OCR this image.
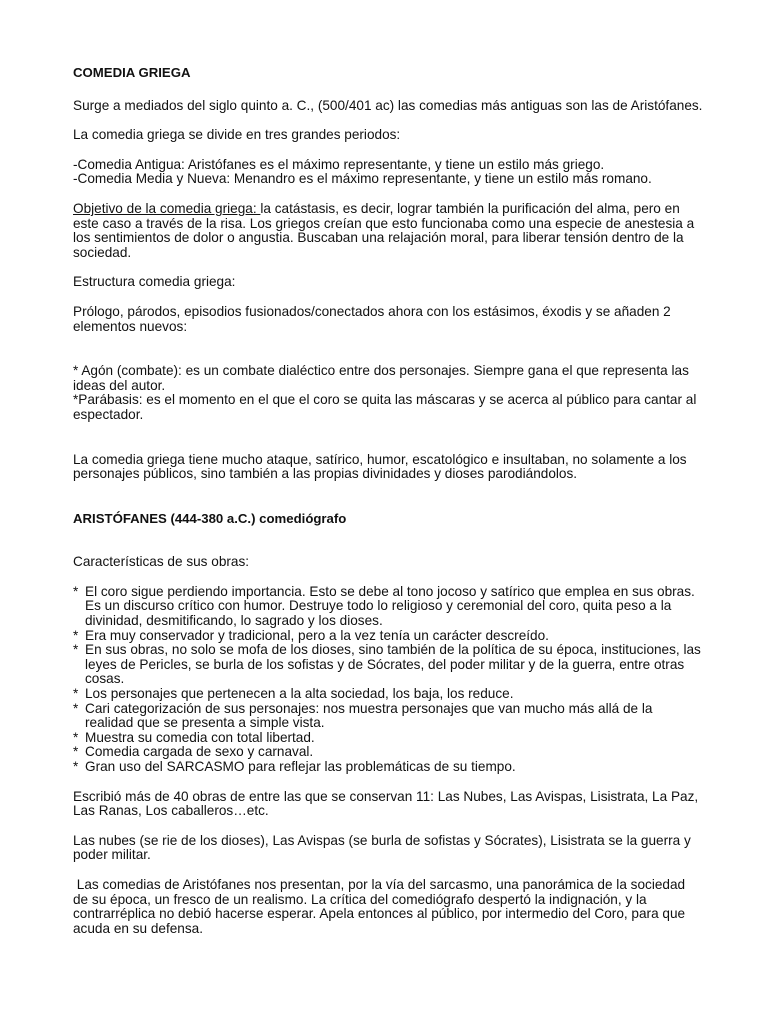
COMEDIA GRIEGA

Surge a mediados del siglo quinto a. C., (500/401 ac) las comedias más antiguas son las de Aristófanes.

La comedia griega se divide en tres grandes periodos:

-Comedia Antigua: Aristófanes es el máximo representante, y tiene un estilo más griego.

-Comedia Media y Nueva: Menandro es el máximo representante, y tiene un estilo más romano.

Objetivo de la comedia griega: la catástasis, es decir, lograr también la purificación del alma, pero en este caso a través de la risa. Los griegos creían que esto funcionaba como una especie de anestesia a los sentimientos de dolor o angustia. Buscaban una relajación moral, para liberar tensión dentro de la sociedad.

Estructura comedia griega:

Prólogo, párodos, episodios fusionados/conectados ahora con los estásimos, éxodis y se añaden 2 elementos nuevos:

* Agón (combate): es un combate dialéctico entre dos personajes. Siempre gana el que representa las ideas del autor.

*Parábasis: es el momento en el que el coro se quita las máscaras y se acerca al público para cantar al espectador.

La comedia griega tiene mucho ataque, satírico, humor, escatológico e insultaban, no solamente a los personajes públicos, sino también a las propias divinidades y dioses parodiándolos.

ARISTÓFANES (444-380 a.C.) comediógrafo

Características de sus obras:

* El coro sigue perdiendo importancia. Esto se debe al tono jocoso y satírico que emplea en sus obras. Es un discurso crítico con humor. Destruye todo lo religioso y ceremonial del coro, quita peso a la divinidad, desmitificando, lo sagrado y los dioses.
* Era muy conservador y tradicional, pero a la vez tenía un carácter descreído.
* En sus obras, no solo se mofa de los dioses, sino también de la política de su época, instituciones, las leyes de Pericles, se burla de los sofistas y de Sócrates, del poder militar y de la guerra, entre otras cosas.
* Los personajes que pertenecen a la alta sociedad, los baja, los reduce.
* Cari categorización de sus personajes: nos muestra personajes que van mucho más allá de la realidad que se presenta a simple vista.
* Muestra su comedia con total libertad.
* Comedia cargada de sexo y carnaval.
* Gran uso del SARCASMO para reflejar las problemáticas de su tiempo.

Escribió más de 40 obras de entre las que se conservan 11: Las Nubes, Las Avispas, Lisistrata, La Paz, Las Ranas, Los caballeros…etc.

Las nubes (se rie de los dioses), Las Avispas (se burla de sofistas y Sócrates), Lisistrata se la guerra y poder militar.

Las comedias de Aristófanes nos presentan, por la vía del sarcasmo, una panorámica de la sociedad de su época, un fresco de un realismo. La crítica del comediógrafo despertó la indignación, y la contrarréplica no debió hacerse esperar. Apela entonces al público, por intermedio del Coro, para que acuda en su defensa.
